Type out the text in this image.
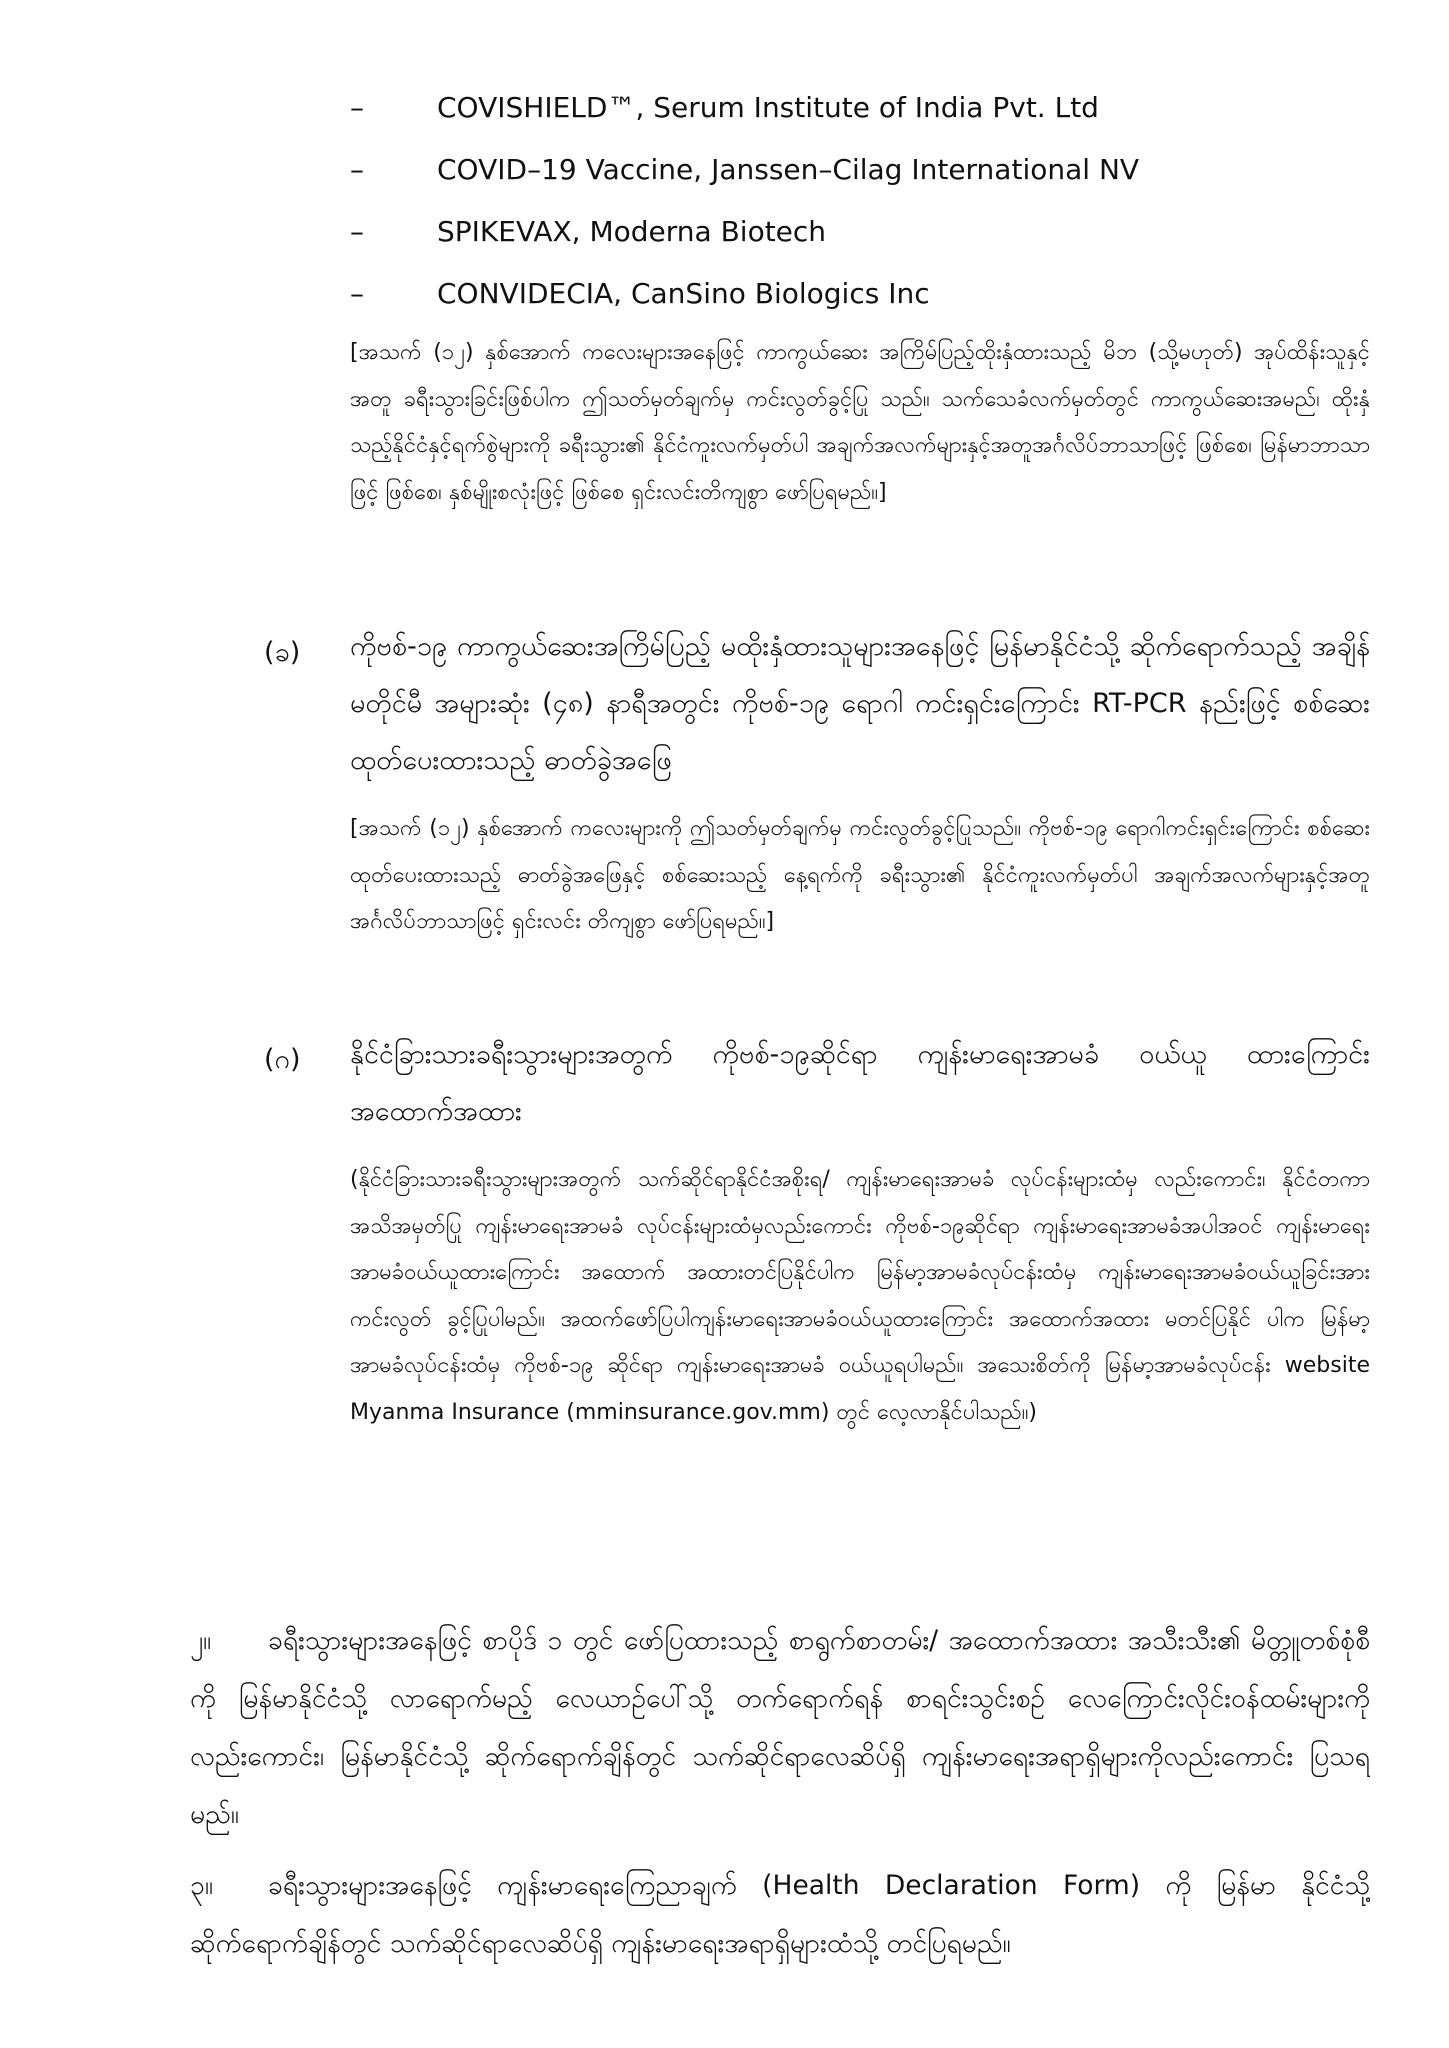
–	COVISHIELD™, Serum Institute of India Pvt. Ltd
–	COVID–19 Vaccine, Janssen–Cilag International NV
–	SPIKEVAX, Moderna Biotech
–	CONVIDECIA, CanSino Biologics Inc
[အသက် (၁၂) နှစ်အောက် ကလေးများအနေဖြင့် ကာကွယ်ဆေး အကြိမ်ပြည့်ထိုးနှံထားသည့် မိဘ (သို့မဟုတ်) အုပ်ထိန်းသူနှင့်အတူ ခရီးသွားခြင်းဖြစ်ပါက ဤသတ်မှတ်ချက်မှ ကင်းလွတ်ခွင့်ပြု သည်။ သက်သေခံလက်မှတ်တွင် ကာကွယ်ဆေးအမည်၊ ထိုးနှံသည့်နိုင်ငံနှင့်ရက်စွဲများကို ခရီးသွား၏ နိုင်ငံကူးလက်မှတ်ပါ အချက်အလက်များနှင့်အတူအင်္ဂလိပ်ဘာသာဖြင့် ဖြစ်စေ၊ မြန်မာဘာသာဖြင့် ဖြစ်စေ၊ နှစ်မျိုးစလုံးဖြင့် ဖြစ်စေ ရှင်းလင်းတိကျစွာ ဖော်ပြရမည်။]
(ခ) ကိုဗစ်-၁၉ ကာကွယ်ဆေးအကြိမ်ပြည့် မထိုးနှံထားသူများအနေဖြင့် မြန်မာနိုင်ငံသို့ ဆိုက်ရောက်သည့် အချိန်မတိုင်မီ အများဆုံး (၄၈) နာရီအတွင်း ကိုဗစ်-၁၉ ရောဂါ ကင်းရှင်းကြောင်း RT-PCR နည်းဖြင့် စစ်ဆေးထုတ်ပေးထားသည့် ဓာတ်ခွဲအဖြေ
[အသက် (၁၂) နှစ်အောက် ကလေးများကို ဤသတ်မှတ်ချက်မှ ကင်းလွတ်ခွင့်ပြုသည်။ ကိုဗစ်-၁၉ ရောဂါကင်းရှင်းကြောင်း စစ်ဆေးထုတ်ပေးထားသည့် ဓာတ်ခွဲအဖြေနှင့် စစ်ဆေးသည့် နေ့ရက်ကို ခရီးသွား၏ နိုင်ငံကူးလက်မှတ်ပါ အချက်အလက်များနှင့်အတူ အင်္ဂလိပ်ဘာသာဖြင့် ရှင်းလင်း တိကျစွာ ဖော်ပြရမည်။]
(ဂ) နိုင်ငံခြားသားခရီးသွားများအတွက် ကိုဗစ်-၁၉ဆိုင်ရာ ကျန်းမာရေးအာမခံ ဝယ်ယူ ထားကြောင်း အထောက်အထား
(နိုင်ငံခြားသားခရီးသွားများအတွက် သက်ဆိုင်ရာနိုင်ငံအစိုးရ/ ကျန်းမာရေးအာမခံ လုပ်ငန်းများထံမှ လည်းကောင်း၊ နိုင်ငံတကာအသိအမှတ်ပြု ကျန်းမာရေးအာမခံ လုပ်ငန်းများထံမှလည်းကောင်း ကိုဗစ်-၁၉ဆိုင်ရာ ကျန်းမာရေးအာမခံအပါအဝင် ကျန်းမာရေးအာမခံဝယ်ယူထားကြောင်း အထောက် အထားတင်ပြနိုင်ပါက မြန်မာ့အာမခံလုပ်ငန်းထံမှ ကျန်းမာရေးအာမခံဝယ်ယူခြင်းအား ကင်းလွတ် ခွင့်ပြုပါမည်။ အထက်ဖော်ပြပါကျန်းမာရေးအာမခံဝယ်ယူထားကြောင်း အထောက်အထား မတင်ပြနိုင် ပါက မြန်မာ့အာမခံလုပ်ငန်းထံမှ ကိုဗစ်-၁၉ ဆိုင်ရာ ကျန်းမာရေးအာမခံ ဝယ်ယူရပါမည်။ အသေးစိတ်ကို မြန်မာ့အာမခံလုပ်ငန်း website Myanma Insurance (mminsurance.gov.mm) တွင် လေ့လာနိုင်ပါသည်။)

၂။ ခရီးသွားများအနေဖြင့် စာပိုဒ် ၁ တွင် ဖော်ပြထားသည့် စာရွက်စာတမ်း/ အထောက်အထား အသီးသီး၏ မိတ္တူတစ်စုံစီကို မြန်မာနိုင်ငံသို့ လာရောက်မည့် လေယာဉ်ပေါ်သို့ တက်ရောက်ရန် စာရင်းသွင်းစဉ် လေကြောင်းလိုင်းဝန်ထမ်းများကိုလည်းကောင်း၊ မြန်မာနိုင်ငံသို့ ဆိုက်ရောက်ချိန်တွင် သက်ဆိုင်ရာလေဆိပ်ရှိ ကျန်းမာရေးအရာရှိများကိုလည်းကောင်း ပြသရမည်။

၃။ ခရီးသွားများအနေဖြင့် ကျန်းမာရေးကြေညာချက် (Health Declaration Form) ကို မြန်မာ နိုင်ငံသို့ ဆိုက်ရောက်ချိန်တွင် သက်ဆိုင်ရာလေဆိပ်ရှိ ကျန်းမာရေးအရာရှိများထံသို့ တင်ပြရမည်။
